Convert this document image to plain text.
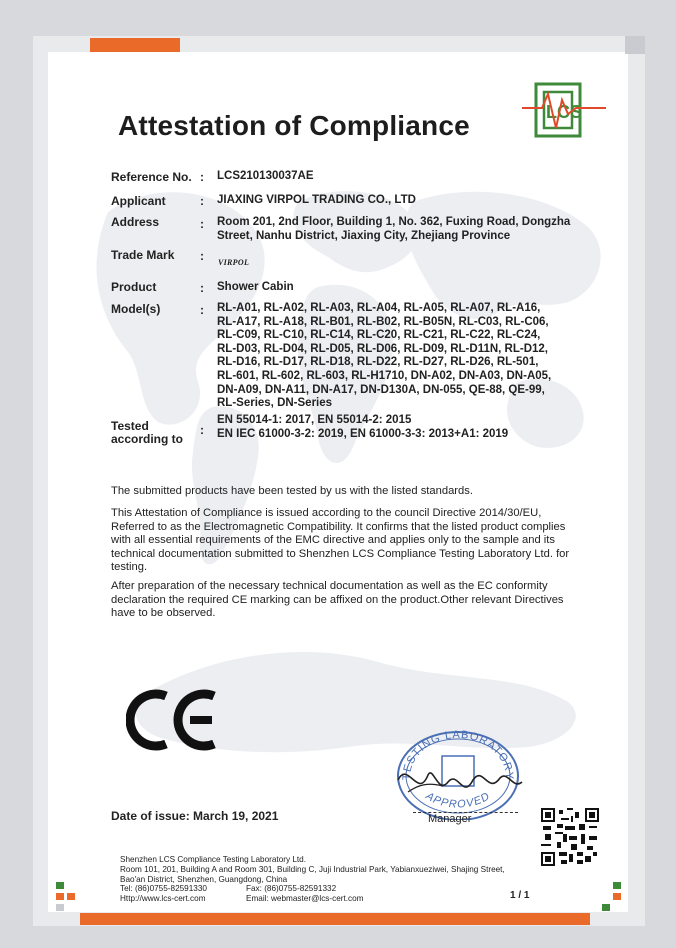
LCS
Attestation of Compliance
Reference No. : LCS210130037AE
Applicant	: JIAXING VIRPOL TRADING CO., LTD
Address	: Room 201, 2nd Floor, Building 1, No. 362, Fuxing Road, Dongzha
Street, Nanhu District, Jiaxing City, Zhejiang Province
Trade Mark : VIRPOL
Product	: Shower Cabin
Model(s)	: RL-A01, RL-A02, RL-A03, RL-A04, RL-A05, RL-A07, RL-A16,
RL-A17, RL-A18, RL-B01, RL-B02, RL-B05N, RL-C03, RL-C06,
RL-C09, RL-C10, RL-C14, RL-C20, RL-C21, RL-C22, RL-C24,
RL-D03, RL-D04, RL-D05, RL-D06, RL-D09, RL-D11N, RL-D12,
RL-D16, RL-D17, RL-D18, RL-D22, RL-D27, RL-D26, RL-501,
RL-601, RL-602, RL-603, RL-H1710, DN-A02, DN-A03, DN-A05,
DN-A09, DN-A11, DN-A17, DN-D130A, DN-055, QE-88, QE-99,
RL-Series, DN-Series
Tested
according to
:
EN 55014-1: 2017, EN 55014-2: 2015
EN IEC 61000-3-2: 2019, EN 61000-3-3: 2013+A1: 2019
The submitted products have been tested by us with the listed standards.
This Attestation of Compliance is issued according to the council Directive 2014/30/EU,
Referred to as the Electromagnetic Compatibility. It confirms that the listed product complies
with all essential requirements of the EMC directive and applies only to the sample and its
technical documentation submitted to Shenzhen LCS Compliance Testing Laboratory Ltd. for
testing.
After preparation of the necessary technical documentation as well as the EC conformity
declaration the required CE marking can be affixed on the product.Other relevant Directives
have to be observed.
CE
TESTING LABORATORY
APPROVED
Manager
Date of issue: March 19, 2021
Shenzhen LCS Compliance Testing Laboratory Ltd.
Room 101, 201, Building A and Room 301, Building C, Juji Industrial Park, Yabianxueziwei, Shajing Street,
Bao'an District, Shenzhen, Guangdong, China
Tel: (86)0755-82591330	Fax: (86)0755-82591332
Http://www.lcs-cert.com	Email: webmaster@lcs-cert.com	1 / 1
